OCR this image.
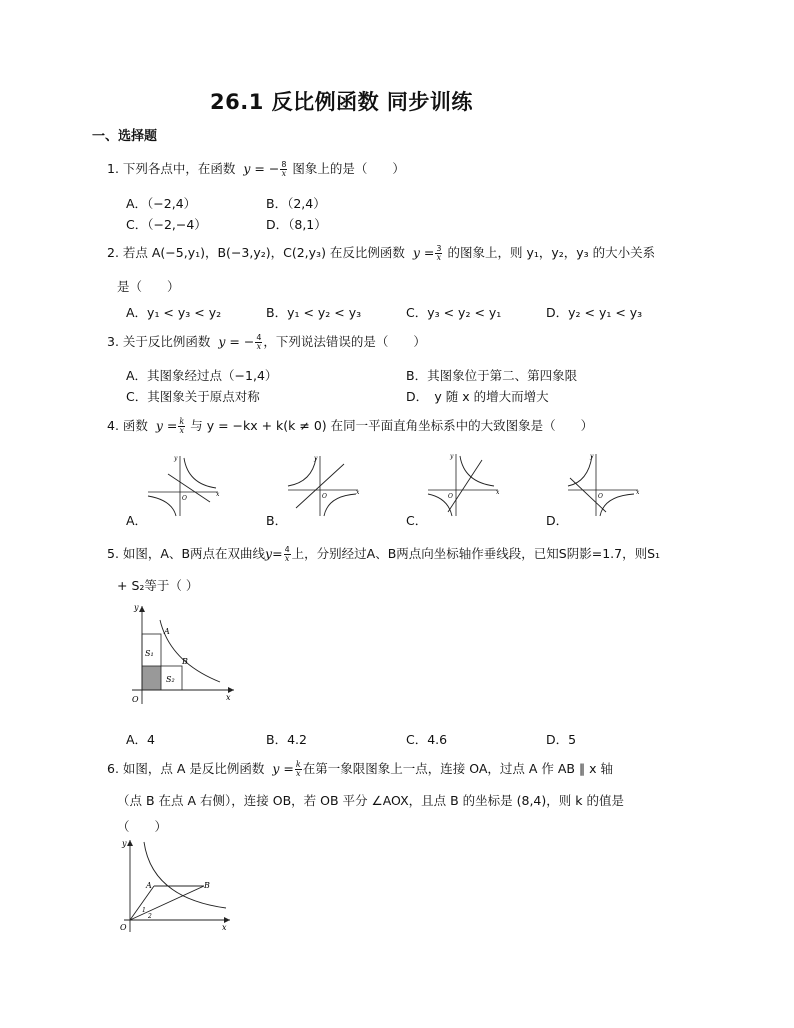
26.1 反比例函数 同步训练
一、选择题
1. 下列各点中，在函数 y = − $\frac{8}{x}$ 图象上的是（　　）
A．（−2,4）	B．（2,4）
C．（−2,−4）	D．（8,1）
2. 若点 A(−5,y₁)，B(−3,y₂)，C(2,y₃) 在反比例函数 $y = \frac{3}{x}$ 的图象上，则 y₁，y₂，y₃ 的大小关系
是（　　）
A．y₁ < y₃ < y₂	B．y₁ < y₂ < y₃	C．y₃ < y₂ < y₁	D．y₂ < y₁ < y₃
3. 关于反比例函数 y = − $\frac{4}{x}$ ，下列说法错误的是（　　）
A．其图象经过点（−1,4）	B．其图象位于第二、第四象限
C．其图象关于原点对称	D．　y 随 x 的增大而增大
4. 函数 $y = \frac{k}{x}$ 与 y = −kx + k(k ≠ 0) 在同一平面直角坐标系中的大致图象是（　　）
x
y
O
A．
x
y
O
B．
x
y
O
C．
x
y
O
D．
5. 如图，A、B两点在双曲线$y= \frac{4}{x}$ 上，分别经过A、B两点向坐标轴作垂线段，已知S阴影=1.7，则S₁
+ S₂等于（ ）
y
x
O
A
B
S₁
S₂
A．4	B．4.2	C．4.6	D．5
6. 如图，点 A 是反比例函数 $y = \frac{k}{x}$ 在第一象限图象上一点，连接 OA，过点 A 作 AB ∥ x 轴
（点 B 在点 A 右侧），连接 OB，若 OB 平分 ∠AOX，且点 B 的坐标是 (8,4)，则 k 的值是
（　　）
y
x
O
A	B
1
2
